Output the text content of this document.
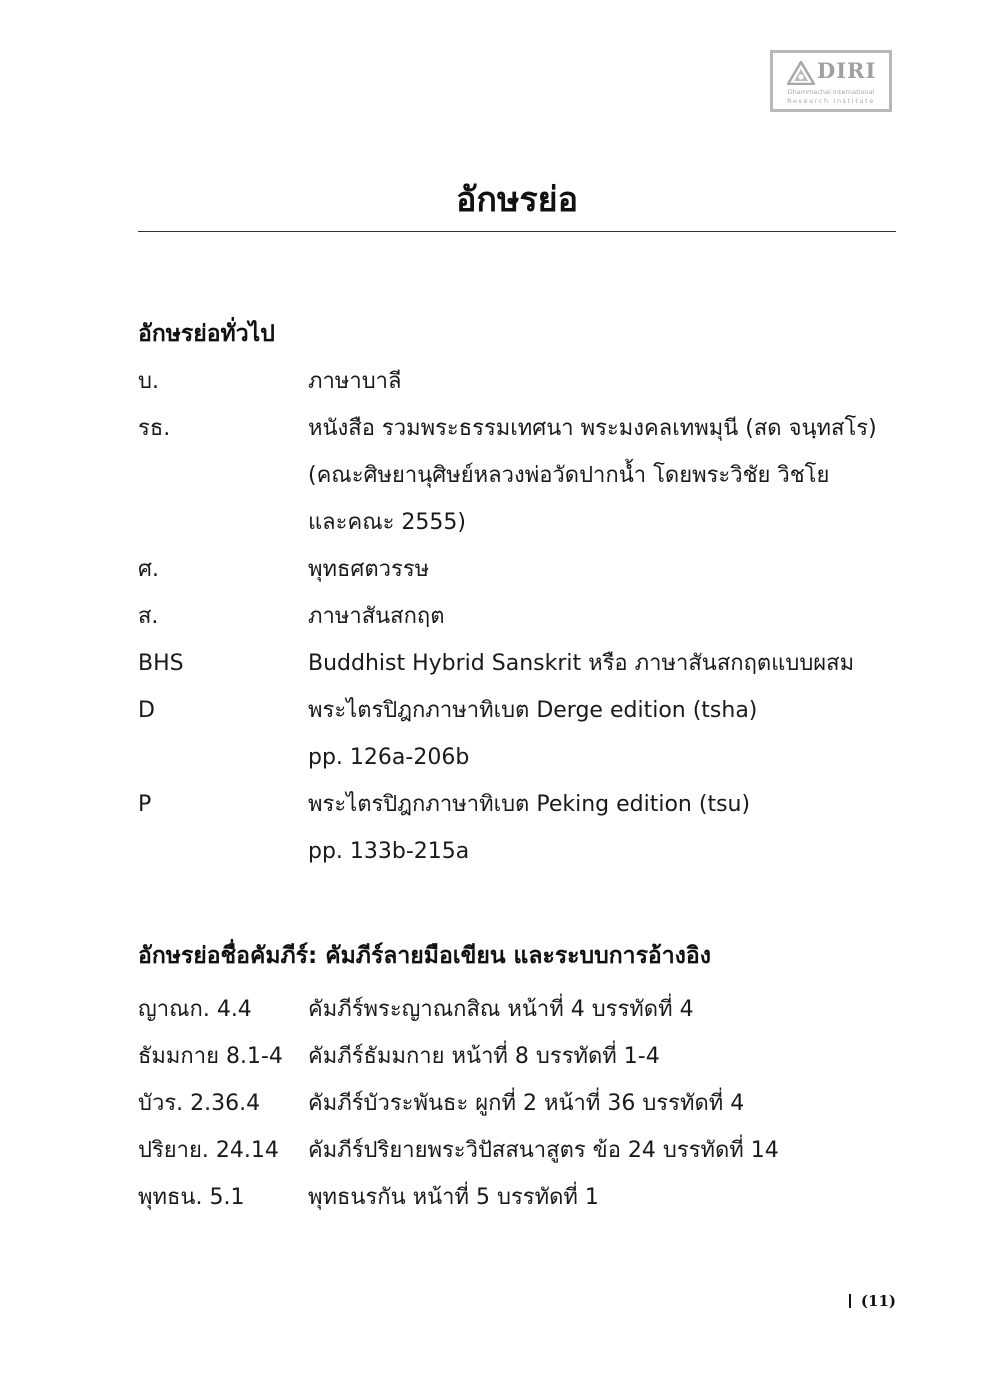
DIRI
Dhammachai International
Research Institute
อักษรย่อ
อักษรย่อทั่วไป
บ.	ภาษาบาลี
รธ.	หนังสือ รวมพระธรรมเทศนา พระมงคลเทพมุนี (สด จนฺทสโร)
(คณะศิษยานุศิษย์หลวงพ่อวัดปากน้ำ โดยพระวิชัย วิชโย
และคณะ 2555)
ศ.	พุทธศตวรรษ
ส.	ภาษาสันสกฤต
BHS	Buddhist Hybrid Sanskrit หรือ ภาษาสันสกฤตแบบผสม
D	พระไตรปิฎกภาษาทิเบต Derge edition (tsha)
pp. 126a-206b
P	พระไตรปิฎกภาษาทิเบต Peking edition (tsu)
pp. 133b-215a
อักษรย่อชื่อคัมภีร์: คัมภีร์ลายมือเขียน และระบบการอ้างอิง
ญาณก. 4.4	คัมภีร์พระญาณกสิณ หน้าที่ 4 บรรทัดที่ 4
ธัมมกาย 8.1-4 คัมภีร์ธัมมกาย หน้าที่ 8 บรรทัดที่ 1-4
บัวร. 2.36.4 คัมภีร์บัวระพันธะ ผูกที่ 2 หน้าที่ 36 บรรทัดที่ 4
ปริยาย. 24.14 คัมภีร์ปริยายพระวิปัสสนาสูตร ข้อ 24 บรรทัดที่ 14
พุทธน. 5.1	พุทธนรกัน หน้าที่ 5 บรรทัดที่ 1
(11)
